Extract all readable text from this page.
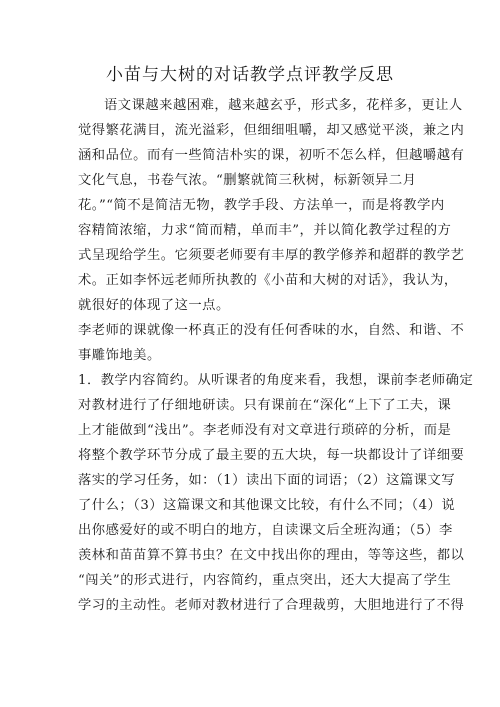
小苗与大树的对话教学点评教学反思
语文课越来越困难，越来越玄乎，形式多，花样多，更让人
觉得繁花满目，流光溢彩，但细细咀嚼，却又感觉平淡，兼之内
涵和品位。而有一些简洁朴实的课，初听不怎么样，但越嚼越有
文化气息，书卷气浓。“删繁就简三秋树，标新领异二月
花。”“简不是简洁无物，教学手段、方法单一，而是将教学内
容精简浓缩，力求“简而精，单而丰”，并以简化教学过程的方
式呈现给学生。它须要老师要有丰厚的教学修养和超群的教学艺
术。正如李怀远老师所执教的《小苗和大树的对话》，我认为，
就很好的体现了这一点。
李老师的课就像一杯真正的没有任何香味的水，自然、和谐、不
事雕饰地美。
1．教学内容简约。从听课者的角度来看，我想，课前李老师确定
对教材进行了仔细地研读。只有课前在“深化“上下了工夫，课
上才能做到“浅出”。李老师没有对文章进行琐碎的分析，而是
将整个教学环节分成了最主要的五大块，每一块都设计了详细要
落实的学习任务，如：（1）读出下面的词语；（2）这篇课文写
了什么；（3）这篇课文和其他课文比较，有什么不同；（4）说
出你感爱好的或不明白的地方，自读课文后全班沟通；（5）李
羡林和苗苗算不算书虫？在文中找出你的理由，等等这些，都以
“闯关”的形式进行，内容简约，重点突出，还大大提高了学生
学习的主动性。老师对教材进行了合理裁剪，大胆地进行了不得
